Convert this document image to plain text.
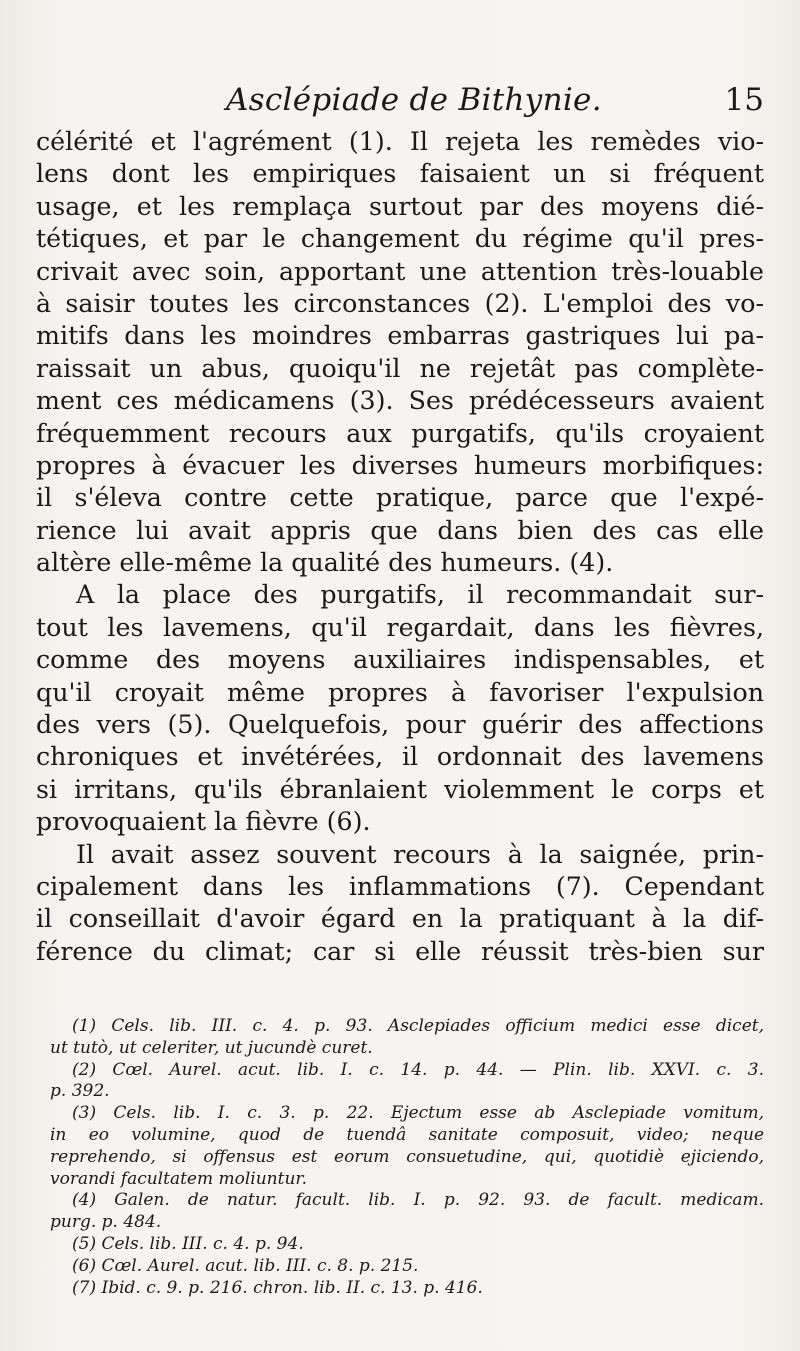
Asclépiade de Bithynie.	15
célérité et l'agrément (1). Il rejeta les remèdes vio-
lens dont les empiriques faisaient un si fréquent
usage, et les remplaça surtout par des moyens dié-
tétiques, et par le changement du régime qu'il pres-
crivait avec soin, apportant une attention très-louable
à saisir toutes les circonstances (2). L'emploi des vo-
mitifs dans les moindres embarras gastriques lui pa-
raissait un abus, quoiqu'il ne rejetât pas complète-
ment ces médicamens (3). Ses prédécesseurs avaient
fréquemment recours aux purgatifs, qu'ils croyaient
propres à évacuer les diverses humeurs morbifiques:
il s'éleva contre cette pratique, parce que l'expé-
rience lui avait appris que dans bien des cas elle
altère elle-même la qualité des humeurs. (4).
A la place des purgatifs, il recommandait sur-
tout les lavemens, qu'il regardait, dans les fièvres,
comme des moyens auxiliaires indispensables, et
qu'il croyait même propres à favoriser l'expulsion
des vers (5). Quelquefois, pour guérir des affections
chroniques et invétérées, il ordonnait des lavemens
si irritans, qu'ils ébranlaient violemment le corps et
provoquaient la fièvre (6).
Il avait assez souvent recours à la saignée, prin-
cipalement dans les inflammations (7). Cependant
il conseillait d'avoir égard en la pratiquant à la dif-
férence du climat; car si elle réussit très-bien sur
(1) Cels. lib. III. c. 4. p. 93. Asclepiades officium medici esse dicet,
ut tutò, ut celeriter, ut jucundè curet.
(2) Cœl. Aurel. acut. lib. I. c. 14. p. 44. — Plin. lib. XXVI. c. 3.
p. 392.
(3) Cels. lib. I. c. 3. p. 22. Ejectum esse ab Asclepiade vomitum,
in eo volumine, quod de tuendâ sanitate composuit, video; neque
reprehendo, si offensus est eorum consuetudine, qui, quotidiè ejiciendo,
vorandi facultatem moliuntur.
(4) Galen. de natur. facult. lib. I. p. 92. 93. de facult. medicam.
purg. p. 484.
(5) Cels. lib. III. c. 4. p. 94.
(6) Cœl. Aurel. acut. lib. III. c. 8. p. 215.
(7) Ibid. c. 9. p. 216. chron. lib. II. c. 13. p. 416.
